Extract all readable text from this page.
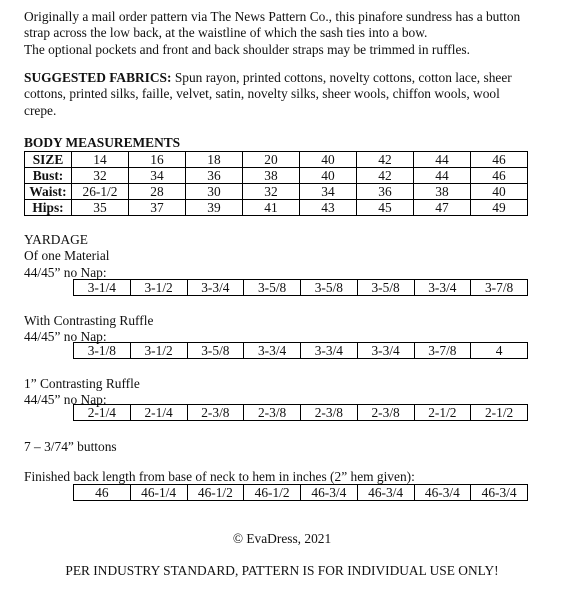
Originally a mail order pattern via The News Pattern Co., this pinafore sundress has a button

strap across the low back, at the waistline of which the sash ties into a bow.

The optional pockets and front and back shoulder straps may be trimmed in ruffles.

SUGGESTED FABRICS: Spun rayon, printed cottons, novelty cottons, cotton lace, sheer

cottons, printed silks, faille, velvet, satin, novelty silks, sheer wools, chiffon wools, wool

crepe.

BODY MEASUREMENTS

SIZE	14	16	18	20	40	42	44	46
Bust:	32	34	36	38	40	42	44	46
Waist:	26-1/2	28	30	32	34	36	38	40
Hips:	35	37	39	41	43	45	47	49

YARDAGE

Of one Material

44/45” no Nap:

3-1/4	3-1/2	3-3/4	3-5/8	3-5/8	3-5/8	3-3/4	3-7/8

With Contrasting Ruffle

44/45” no Nap:

3-1/8	3-1/2	3-5/8	3-3/4	3-3/4	3-3/4	3-7/8	4

1” Contrasting Ruffle

44/45” no Nap:

2-1/4	2-1/4	2-3/8	2-3/8	2-3/8	2-3/8	2-1/2	2-1/2

7 – 3/74” buttons

Finished back length from base of neck to hem in inches (2” hem given):

46	46-1/4	46-1/2	46-1/2	46-3/4	46-3/4	46-3/4	46-3/4
© EvaDress, 2021
PER INDUSTRY STANDARD, PATTERN IS FOR INDIVIDUAL USE ONLY!
